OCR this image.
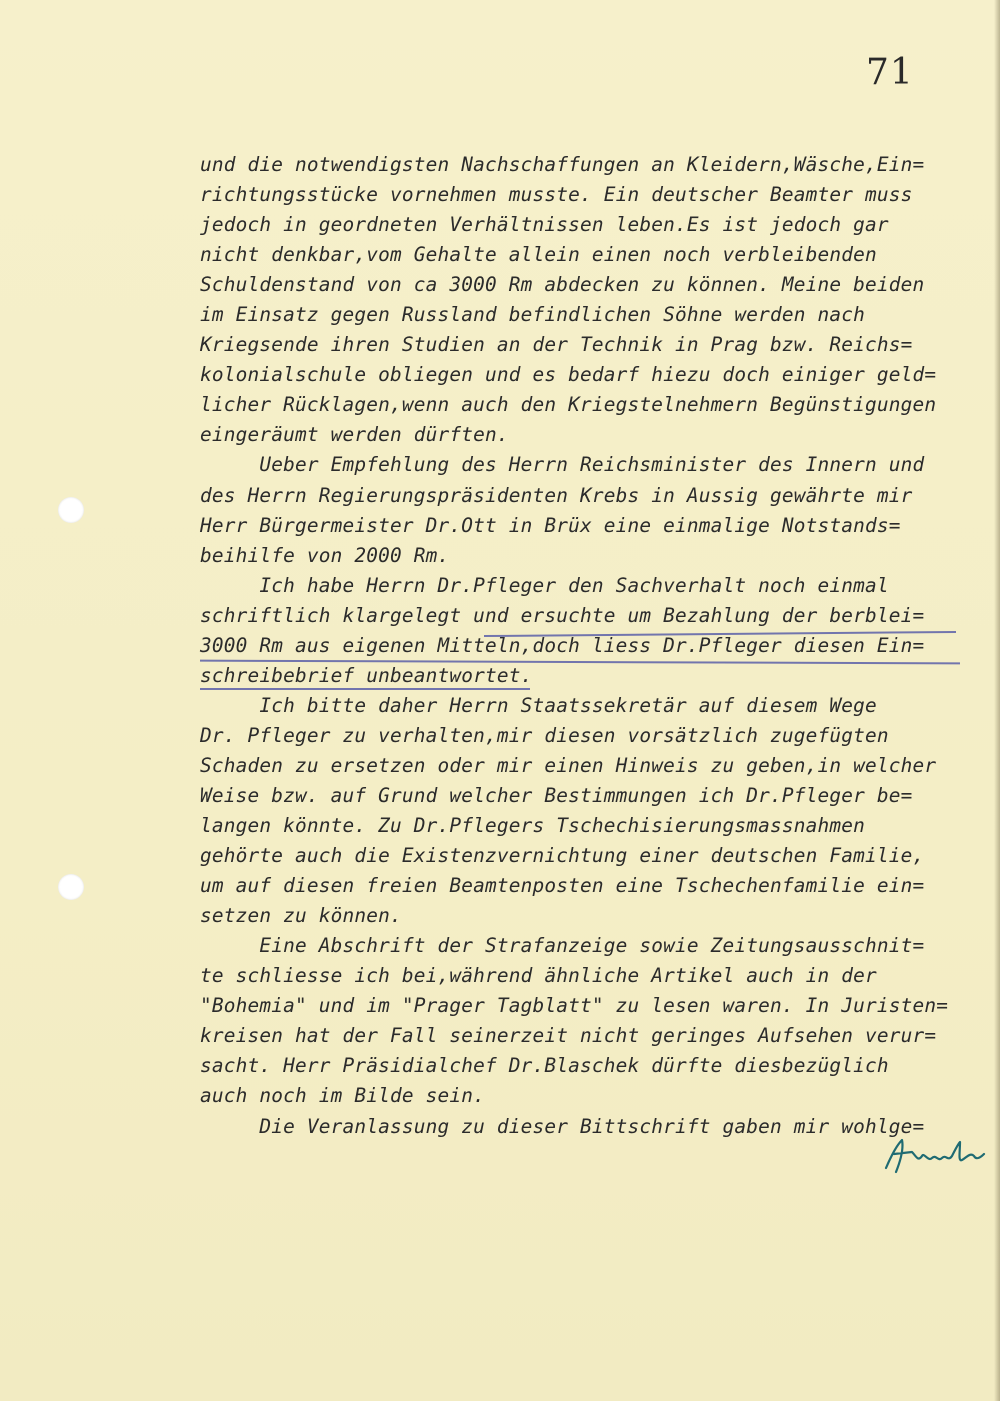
71
und die notwendigsten Nachschaffungen an Kleidern,Wäsche,Ein=
richtungsstücke vornehmen musste. Ein deutscher Beamter muss
jedoch in geordneten Verhältnissen leben.Es ist jedoch gar
nicht denkbar,vom Gehalte allein einen noch verbleibenden
Schuldenstand von ca 3000 Rm abdecken zu können. Meine beiden
im Einsatz gegen Russland befindlichen Söhne werden nach
Kriegsende ihren Studien an der Technik in Prag bzw. Reichs=
kolonialschule obliegen und es bedarf hiezu doch einiger geld=
licher Rücklagen,wenn auch den Kriegstelnehmern Begünstigungen
eingeräumt werden dürften.
Ueber Empfehlung des Herrn Reichsminister des Innern und
des Herrn Regierungspräsidenten Krebs in Aussig gewährte mir
Herr Bürgermeister Dr.Ott in Brüx eine einmalige Notstands=
beihilfe von 2000 Rm.
Ich habe Herrn Dr.Pfleger den Sachverhalt noch einmal
schriftlich klargelegt und ersuchte um Bezahlung der berblei=
3000 Rm aus eigenen Mitteln,doch liess Dr.Pfleger diesen Ein=
schreibebrief unbeantwortet.
Ich bitte daher Herrn Staatssekretär auf diesem Wege
Dr. Pfleger zu verhalten,mir diesen vorsätzlich zugefügten
Schaden zu ersetzen oder mir einen Hinweis zu geben,in welcher
Weise bzw. auf Grund welcher Bestimmungen ich Dr.Pfleger be=
langen könnte. Zu Dr.Pflegers Tschechisierungsmassnahmen
gehörte auch die Existenzvernichtung einer deutschen Familie,
um auf diesen freien Beamtenposten eine Tschechenfamilie ein=
setzen zu können.
Eine Abschrift der Strafanzeige sowie Zeitungsausschnit=
te schliesse ich bei,während ähnliche Artikel auch in der
"Bohemia" und im "Prager Tagblatt" zu lesen waren. In Juristen=
kreisen hat der Fall seinerzeit nicht geringes Aufsehen verur=
sacht. Herr Präsidialchef Dr.Blaschek dürfte diesbezüglich
auch noch im Bilde sein.
Die Veranlassung zu dieser Bittschrift gaben mir wohlge=
